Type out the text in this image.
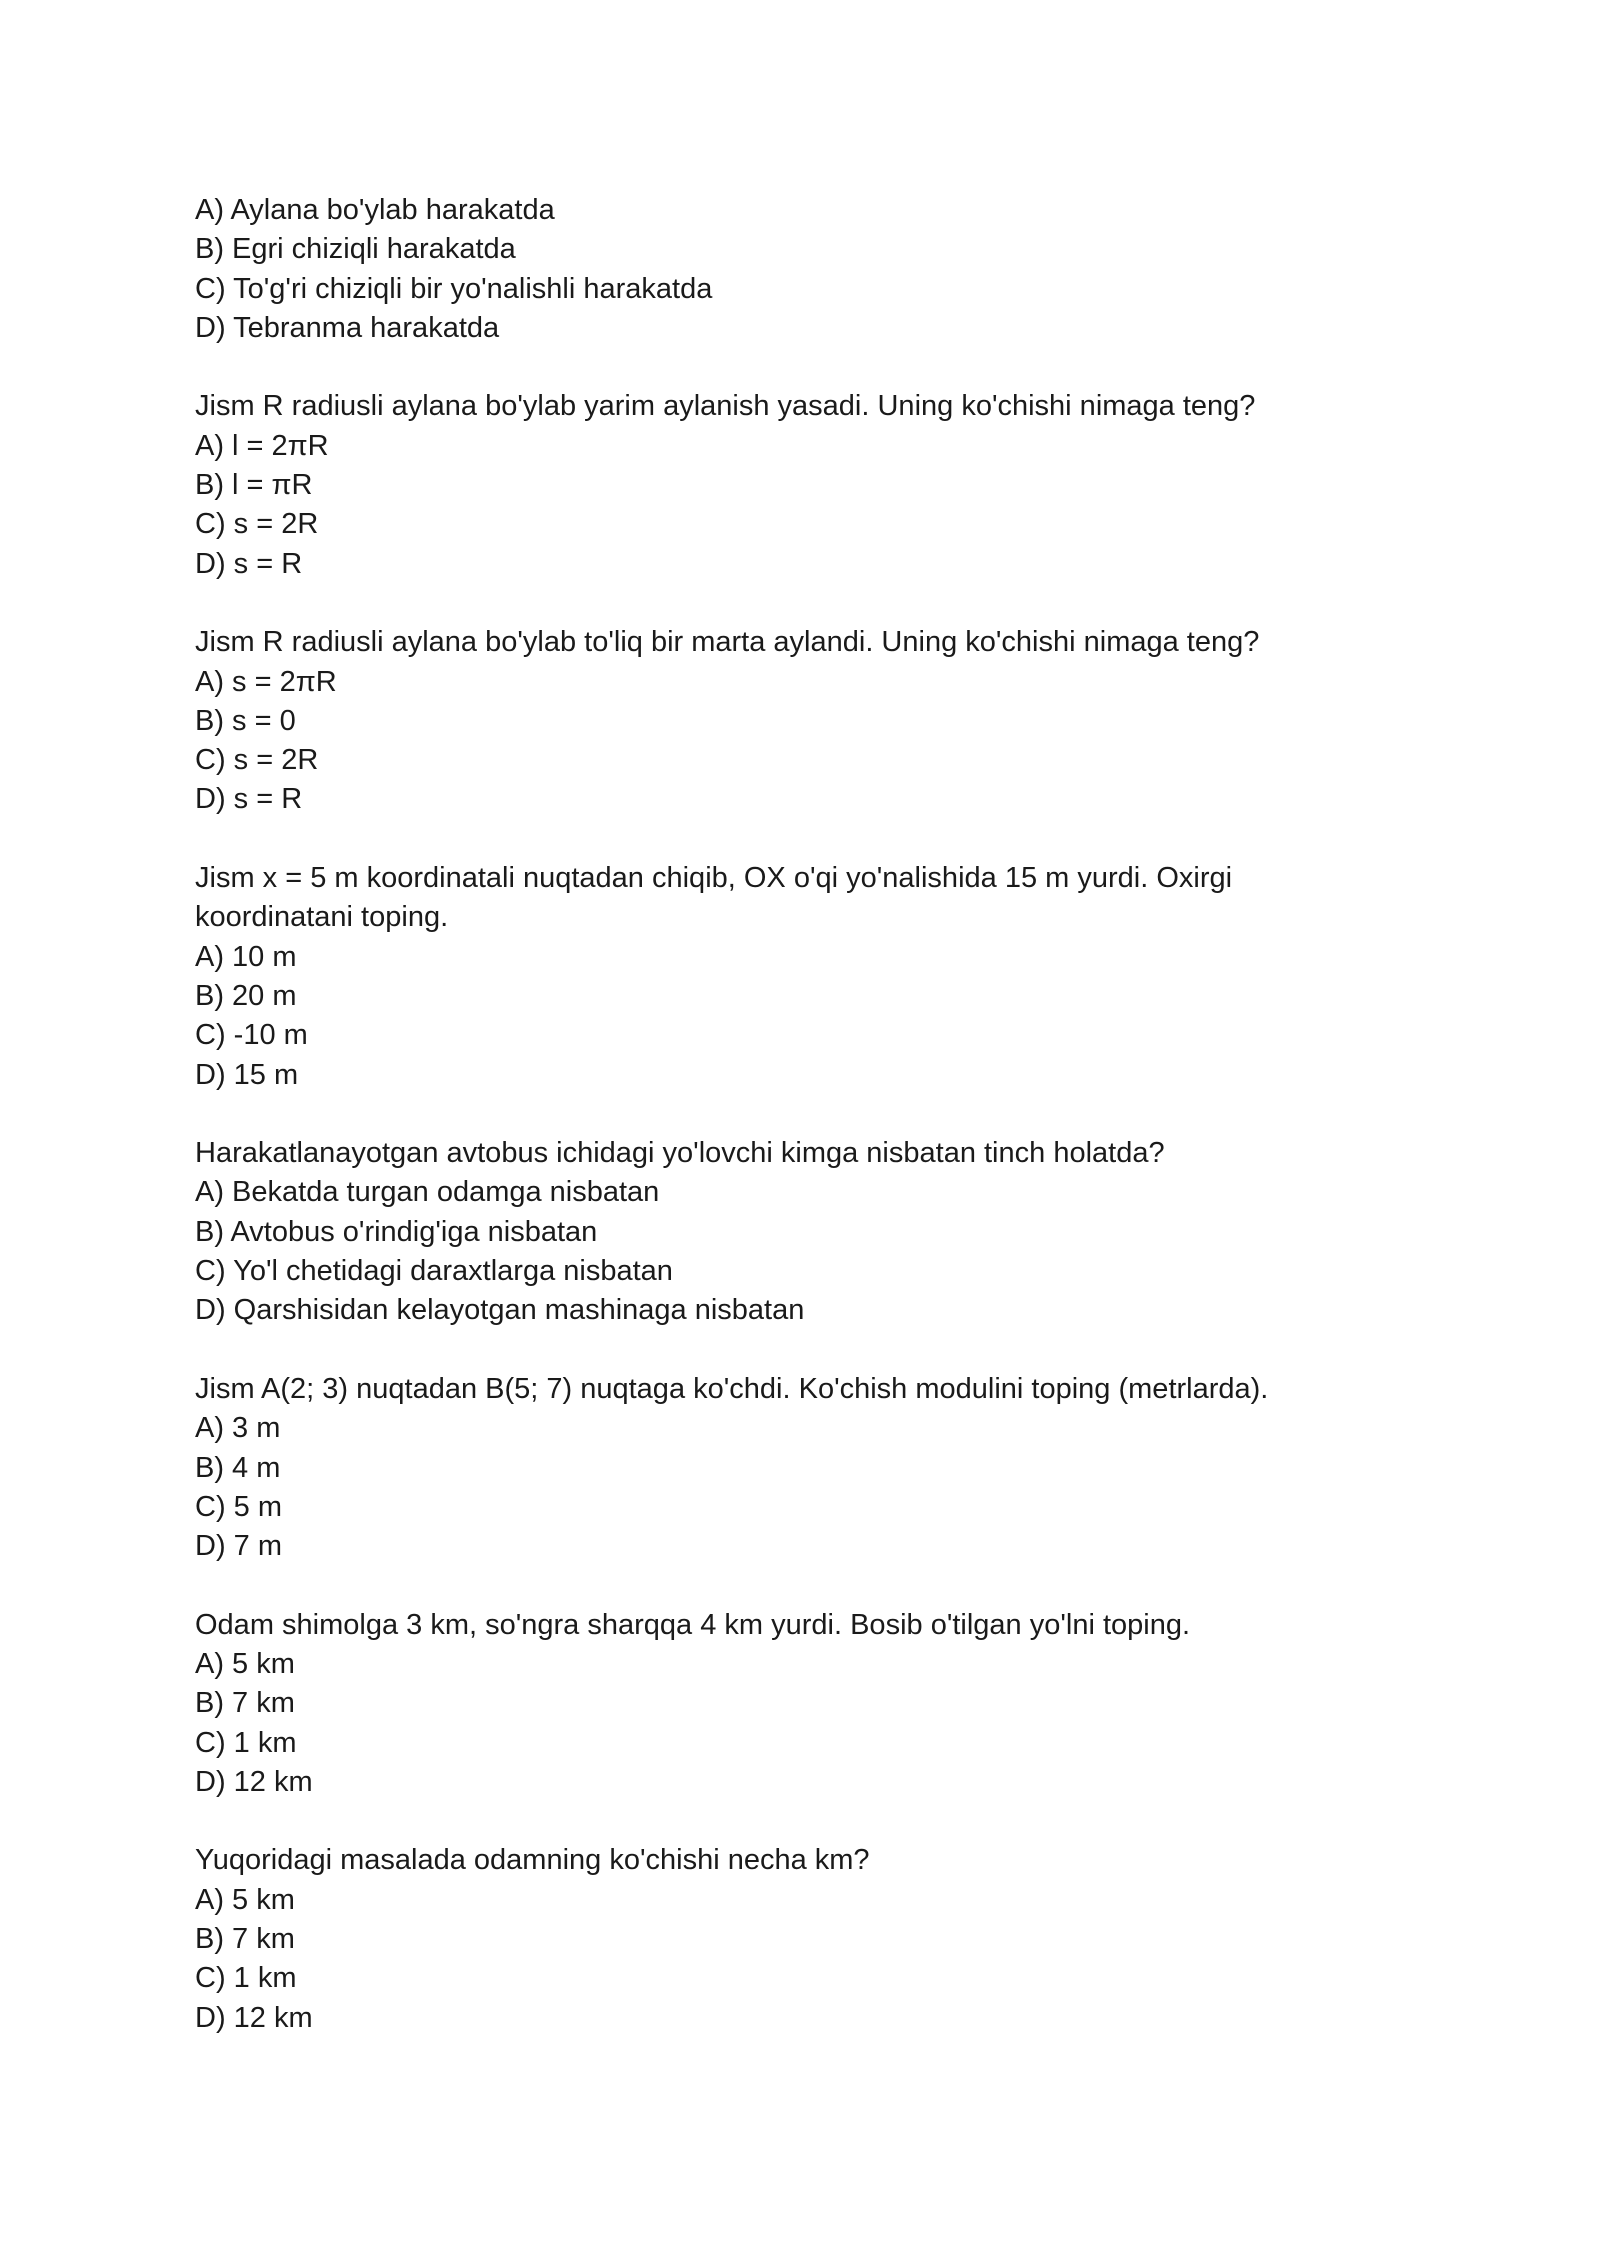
A) Aylana bo'ylab harakatda
B) Egri chiziqli harakatda
C) To'g'ri chiziqli bir yo'nalishli harakatda
D) Tebranma harakatda
Jism R radiusli aylana bo'ylab yarim aylanish yasadi. Uning ko'chishi nimaga teng?
A) l = 2πR
B) l = πR
C) s = 2R
D) s = R
Jism R radiusli aylana bo'ylab to'liq bir marta aylandi. Uning ko'chishi nimaga teng?
A) s = 2πR
B) s = 0
C) s = 2R
D) s = R
Jism x = 5 m koordinatali nuqtadan chiqib, OX o'qi yo'nalishida 15 m yurdi. Oxirgi
koordinatani toping.
A) 10 m
B) 20 m
C) -10 m
D) 15 m
Harakatlanayotgan avtobus ichidagi yo'lovchi kimga nisbatan tinch holatda?
A) Bekatda turgan odamga nisbatan
B) Avtobus o'rindig'iga nisbatan
C) Yo'l chetidagi daraxtlarga nisbatan
D) Qarshisidan kelayotgan mashinaga nisbatan
Jism A(2; 3) nuqtadan B(5; 7) nuqtaga ko'chdi. Ko'chish modulini toping (metrlarda).
A) 3 m
B) 4 m
C) 5 m
D) 7 m
Odam shimolga 3 km, so'ngra sharqqa 4 km yurdi. Bosib o'tilgan yo'lni toping.
A) 5 km
B) 7 km
C) 1 km
D) 12 km
Yuqoridagi masalada odamning ko'chishi necha km?
A) 5 km
B) 7 km
C) 1 km
D) 12 km
